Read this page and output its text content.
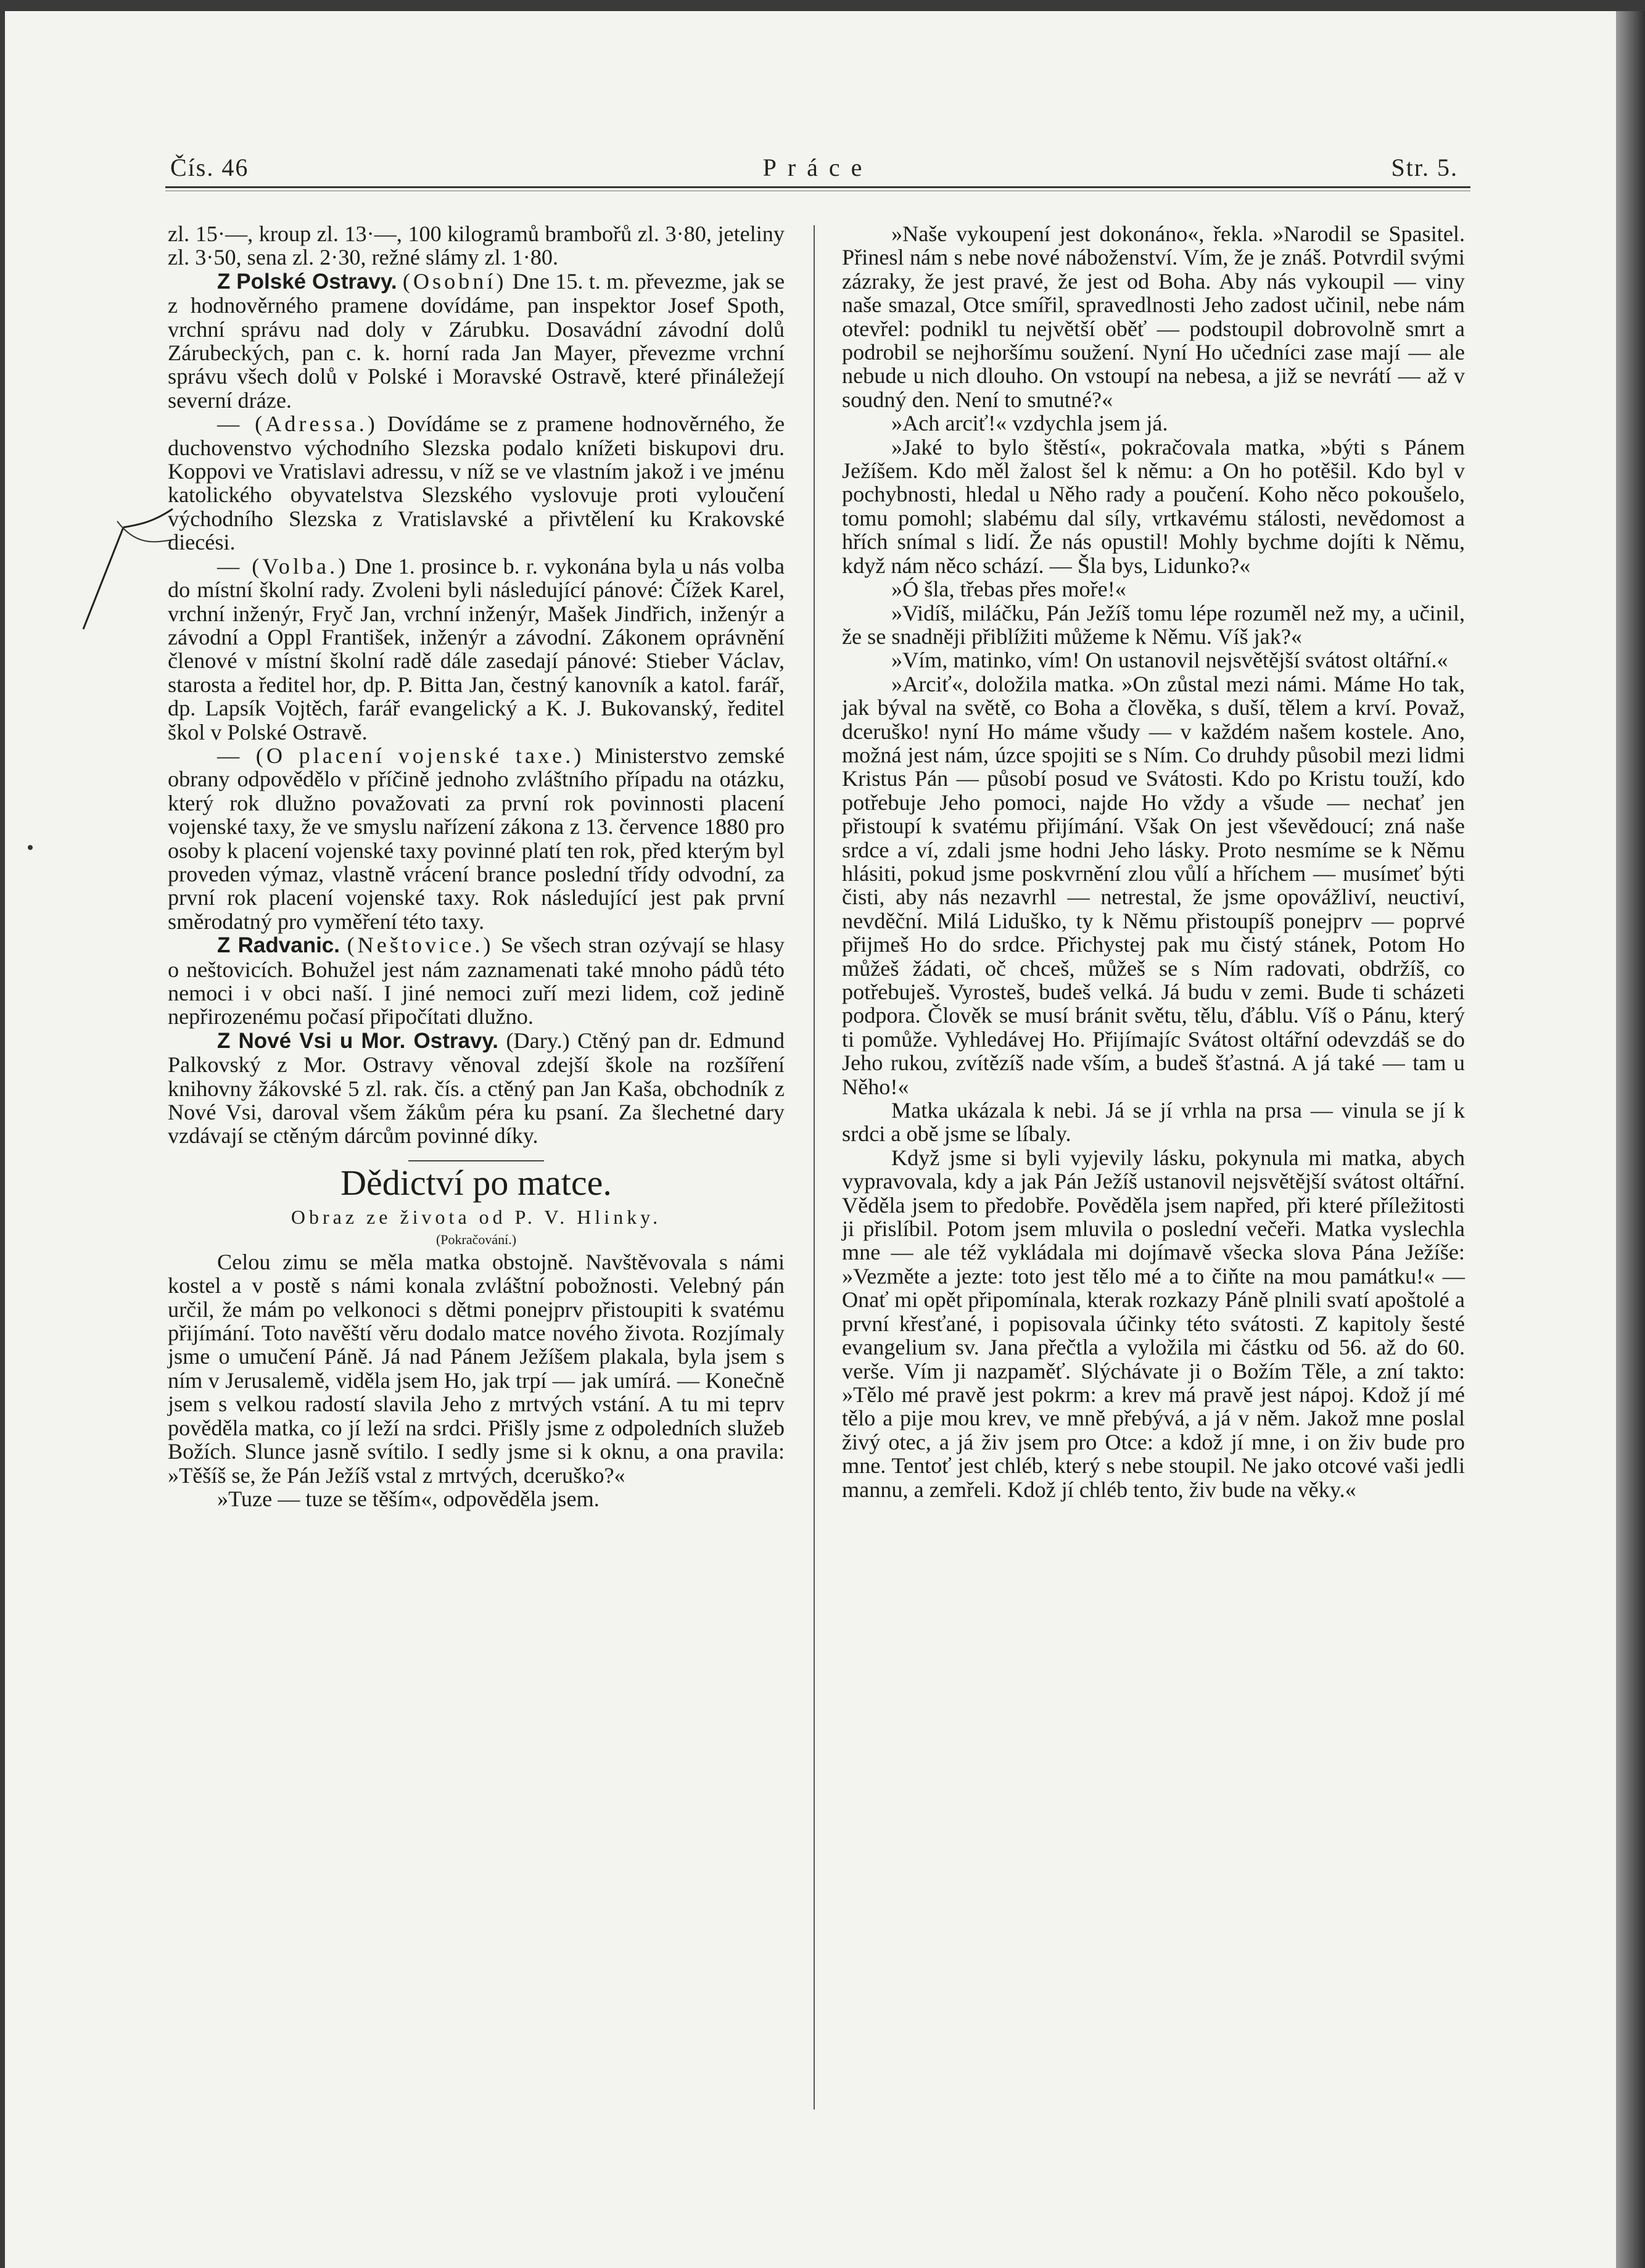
Čís. 46	Práce	Str. 5.

zl. 15·—, kroup zl. 13·—, 100 kilogramů brambořů zl. 3·80, jeteliny zl. 3·50, sena zl. 2·30, režné slámy zl. 1·80.

Z Polské Ostravy. (Osobní) Dne 15. t. m. převezme, jak se z hodnověrného pramene dovídáme, pan inspektor Josef Spoth, vrchní správu nad doly v Zárubku. Dosavádní závodní dolů Zárubeckých, pan c. k. horní rada Jan Mayer, převezme vrchní správu všech dolů v Polské i Moravské Ostravě, které přináležejí severní dráze.

— (Adressa.) Dovídáme se z pramene hodnověrného, že duchovenstvo východního Slezska podalo knížeti biskupovi dru. Koppovi ve Vratislavi adressu, v níž se ve vlastním jakož i ve jménu katolického obyvatelstva Slezského vyslovuje proti vyloučení východního Slezska z Vratislavské a přivtělení ku Krakovské diecési.

— (Volba.) Dne 1. prosince b. r. vykonána byla u nás volba do místní školní rady. Zvoleni byli následující pánové: Čížek Karel, vrchní inženýr, Fryč Jan, vrchní inženýr, Mašek Jindřich, inženýr a závodní a Oppl František, inženýr a závodní. Zákonem oprávnění členové v místní školní radě dále zasedají pánové: Stieber Václav, starosta a ředitel hor, dp. P. Bitta Jan, čestný kanovník a katol. farář, dp. Lapsík Vojtěch, farář evangelický a K. J. Bukovanský, ředitel škol v Polské Ostravě.

— (O placení vojenské taxe.) Ministerstvo zemské obrany odpovědělo v příčině jednoho zvláštního případu na otázku, který rok dlužno považovati za první rok povinnosti placení vojenské taxy, že ve smyslu nařízení zákona z 13. července 1880 pro osoby k placení vojenské taxy povinné platí ten rok, před kterým byl proveden výmaz, vlastně vrácení brance poslední třídy odvodní, za první rok placení vojenské taxy. Rok následující jest pak první směrodatný pro vyměření této taxy.

Z Radvanic. (Neštovice.) Se všech stran ozývají se hlasy o neštovicích. Bohužel jest nám zaznamenati také mnoho pádů této nemoci i v obci naší. I jiné nemoci zuří mezi lidem, což jedině nepřirozenému počasí připočítati dlužno.

Z Nové Vsi u Mor. Ostravy. (Dary.) Ctěný pan dr. Edmund Palkovský z Mor. Ostravy věnoval zdejší škole na rozšíření knihovny žákovské 5 zl. rak. čís. a ctěný pan Jan Kaša, obchodník z Nové Vsi, daroval všem žákům péra ku psaní. Za šlechetné dary vzdávají se ctěným dárcům povinné díky.

Dědictví po matce.

Obraz ze života od P. V. Hlinky.

(Pokračování.)

Celou zimu se měla matka obstojně. Navštěvovala s námi kostel a v postě s námi konala zvláštní pobožnosti. Velebný pán určil, že mám po velkonoci s dětmi ponejprv přistoupiti k svatému přijímání. Toto navěští věru dodalo matce nového života. Rozjímaly jsme o umučení Páně. Já nad Pánem Ježíšem plakala, byla jsem s ním v Jerusalemě, viděla jsem Ho, jak trpí — jak umírá. — Konečně jsem s velkou radostí slavila Jeho z mrtvých vstání. A tu mi teprv pověděla matka, co jí leží na srdci. Přišly jsme z odpoledních služeb Božích. Slunce jasně svítilo. I sedly jsme si k oknu, a ona pravila: »Těšíš se, že Pán Ježíš vstal z mrtvých, dceruško?«

»Tuze — tuze se těším«, odpověděla jsem.

»Naše vykoupení jest dokonáno«, řekla. »Narodil se Spasitel. Přinesl nám s nebe nové náboženství. Vím, že je znáš. Potvrdil svými zázraky, že jest pravé, že jest od Boha. Aby nás vykoupil — viny naše smazal, Otce smířil, spravedlnosti Jeho zadost učinil, nebe nám otevřel: podnikl tu největší oběť — podstoupil dobrovolně smrt a podrobil se nejhoršímu soužení. Nyní Ho učedníci zase mají — ale nebude u nich dlouho. On vstoupí na nebesa, a již se nevrátí — až v soudný den. Není to smutné?«

»Ach arciť!« vzdychla jsem já.

»Jaké to bylo štěstí«, pokračovala matka, »býti s Pánem Ježíšem. Kdo měl žalost šel k němu: a On ho potěšil. Kdo byl v pochybnosti, hledal u Něho rady a poučení. Koho něco pokoušelo, tomu pomohl; slabému dal síly, vrtkavému stálosti, nevědomost a hřích snímal s lidí. Že nás opustil! Mohly bychme dojíti k Němu, když nám něco schází. — Šla bys, Lidunko?«

»Ó šla, třebas přes moře!«

»Vidíš, miláčku, Pán Ježíš tomu lépe rozuměl než my, a učinil, že se snadněji přiblížiti můžeme k Němu. Víš jak?«

»Vím, matinko, vím! On ustanovil nejsvětější svátost oltářní.«

»Arciť«, doložila matka. »On zůstal mezi námi. Máme Ho tak, jak býval na světě, co Boha a člověka, s duší, tělem a krví. Považ, dceruško! nyní Ho máme všudy — v každém našem kostele. Ano, možná jest nám, úzce spojiti se s Ním. Co druhdy působil mezi lidmi Kristus Pán — působí posud ve Svátosti. Kdo po Kristu touží, kdo potřebuje Jeho pomoci, najde Ho vždy a všude — nechať jen přistoupí k svatému přijímání. Však On jest vševědoucí; zná naše srdce a ví, zdali jsme hodni Jeho lásky. Proto nesmíme se k Němu hlásiti, pokud jsme poskvrnění zlou vůlí a hříchem — musímeť býti čisti, aby nás nezavrhl — netrestal, že jsme opovážliví, neuctiví, nevděční. Milá Liduško, ty k Němu přistoupíš ponejprv — poprvé přijmeš Ho do srdce. Přichystej pak mu čistý stánek, Potom Ho můžeš žádati, oč chceš, můžeš se s Ním radovati, obdržíš, co potřebuješ. Vyrosteš, budeš velká. Já budu v zemi. Bude ti scházeti podpora. Člověk se musí bránit světu, tělu, ďáblu. Víš o Pánu, který ti pomůže. Vyhledávej Ho. Přijímajíc Svátost oltářní odevzdáš se do Jeho rukou, zvítězíš nade vším, a budeš šťastná. A já také — tam u Něho!«

Matka ukázala k nebi. Já se jí vrhla na prsa — vinula se jí k srdci a obě jsme se líbaly.

Když jsme si byli vyjevily lásku, pokynula mi matka, abych vypravovala, kdy a jak Pán Ježíš ustanovil nejsvětější svátost oltářní. Věděla jsem to předobře. Pověděla jsem napřed, při které příležitosti ji přislíbil. Potom jsem mluvila o poslední večeři. Matka vyslechla mne — ale též vykládala mi dojímavě všecka slova Pána Ježíše: »Vezměte a jezte: toto jest tělo mé a to čiňte na mou památku!« — Onať mi opět připomínala, kterak rozkazy Páně plnili svatí apoštolé a první křesťané, i popisovala účinky této svátosti. Z kapitoly šesté evangelium sv. Jana přečtla a vyložila mi částku od 56. až do 60. verše. Vím ji nazpaměť. Slýchávate ji o Božím Těle, a zní takto: »Tělo mé pravě jest pokrm: a krev má pravě jest nápoj. Kdož jí mé tělo a pije mou krev, ve mně přebývá, a já v něm. Jakož mne poslal živý otec, a já živ jsem pro Otce: a kdož jí mne, i on živ bude pro mne. Tentoť jest chléb, který s nebe stoupil. Ne jako otcové vaši jedli mannu, a zemřeli. Kdož jí chléb tento, živ bude na věky.«
